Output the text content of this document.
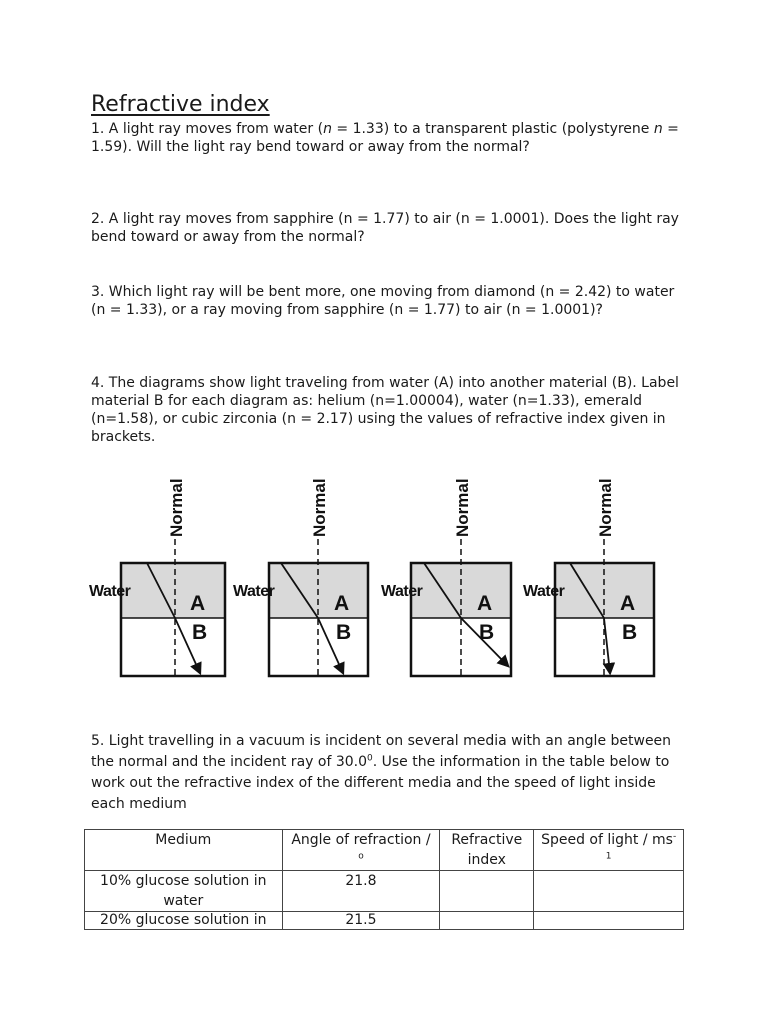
Refractive index

1. A light ray moves from water (n = 1.33) to a transparent plastic (polystyrene n = 1.59). Will the light ray bend toward or away from the normal?

2. A light ray moves from sapphire (n = 1.77) to air (n = 1.0001). Does the light ray bend toward or away from the normal?

3. Which light ray will be bent more, one moving from diamond (n = 2.42) to water (n = 1.33), or a ray moving from sapphire (n = 1.77) to air (n = 1.0001)?

4. The diagrams show light traveling from water (A) into another material (B). Label material B for each diagram as: helium (n=1.00004), water (n=1.33), emerald (n=1.58), or cubic zirconia (n = 2.17) using the values of refractive index given in brackets.

Normal
Water
A
B
Normal
Water
A
B
Normal
Water
A
B
Normal
Water
A
B

5. Light travelling in a vacuum is incident on several media with an angle between the normal and the incident ray of 30.0$^0$. Use the information in the table below to work out the refractive index of the different media and the speed of light inside each medium

Medium	Angle of refraction / $^o$	Refractive index	Speed of light / $ms^{-1}$
10% glucose solution in water	21.8		
20% glucose solution in	21.5		
